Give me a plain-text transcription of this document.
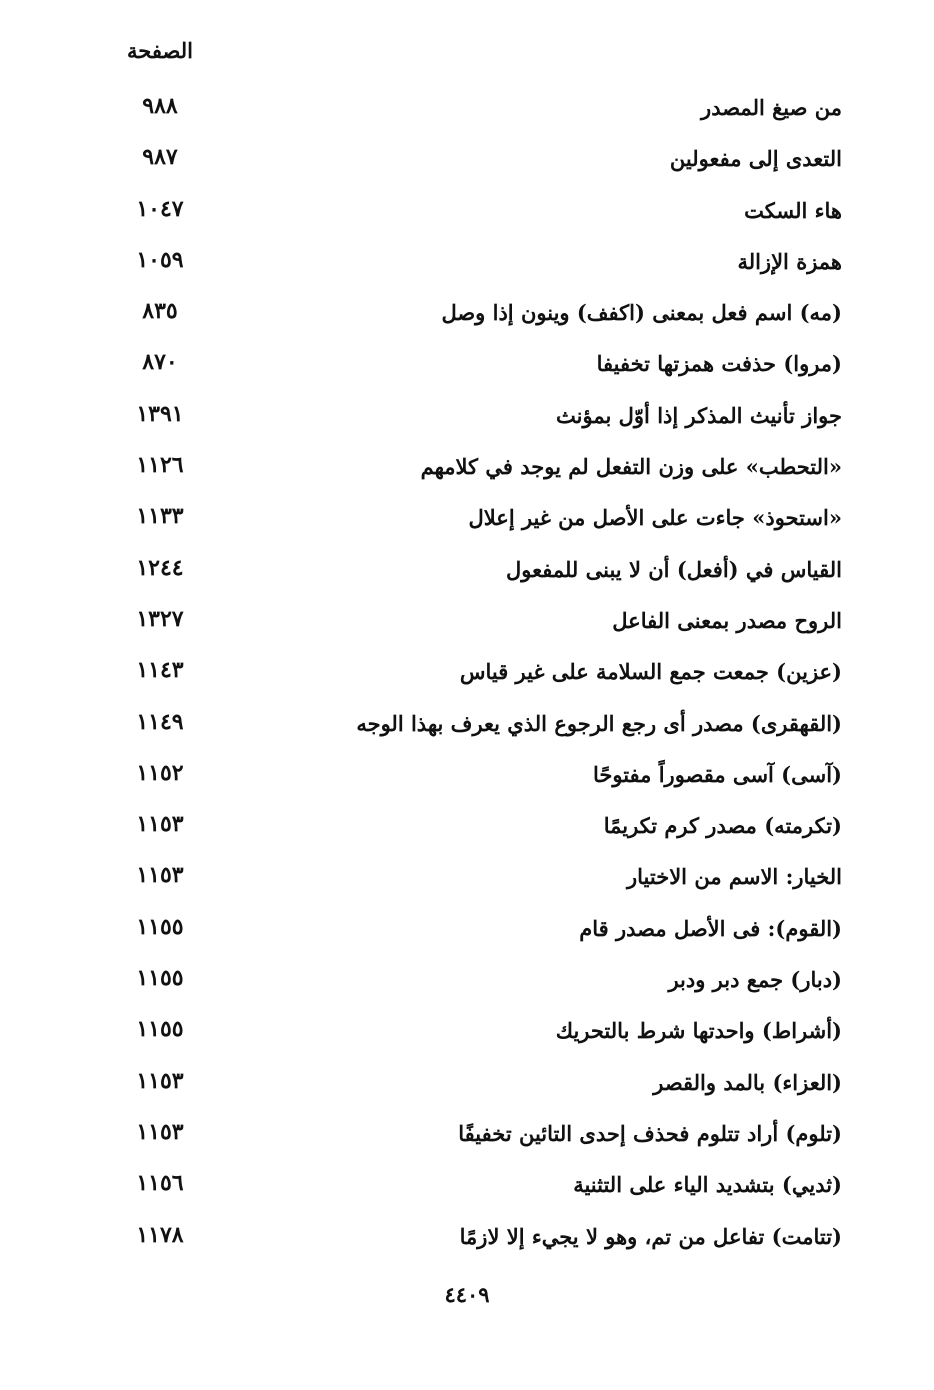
الصفحة
من صيغ المصدر
٩٨٨
التعدى إلى مفعولين
٩٨٧
هاء السكت
١٠٤٧
همزة الإزالة
١٠٥٩
(مه) اسم فعل بمعنى (اكفف) وينون إذا وصل
٨٣٥
(مروا) حذفت همزتها تخفيفا
٨٧٠
جواز تأنيث المذكر إذا أوّل بمؤنث
١٣٩١
«التحطب» على وزن التفعل لم يوجد في كلامهم
١١٢٦
«استحوذ» جاءت على الأصل من غير إعلال
١١٣٣
القياس في (أفعل) أن لا يبنى للمفعول
١٢٤٤
الروح مصدر بمعنى الفاعل
١٣٢٧
(عزين) جمعت جمع السلامة على غير قياس
١١٤٣
(القهقرى) مصدر أى رجع الرجوع الذي يعرف بهذا الوجه
١١٤٩
(آسى) آسى مقصوراً مفتوحًا
١١٥٢
(تكرمته) مصدر كرم تكريمًا
١١٥٣
الخيار: الاسم من الاختيار
١١٥٣
(القوم): فى الأصل مصدر قام
١١٥٥
(دبار) جمع دبر ودبر
١١٥٥
(أشراط) واحدتها شرط بالتحريك
١١٥٥
(العزاء) بالمد والقصر
١١٥٣
(تلوم) أراد تتلوم فحذف إحدى التائين تخفيفًا
١١٥٣
(ثديي) بتشديد الياء على التثنية
١١٥٦
(تتامت) تفاعل من تم، وهو لا يجيء إلا لازمًا
١١٧٨
٤٤٠٩
